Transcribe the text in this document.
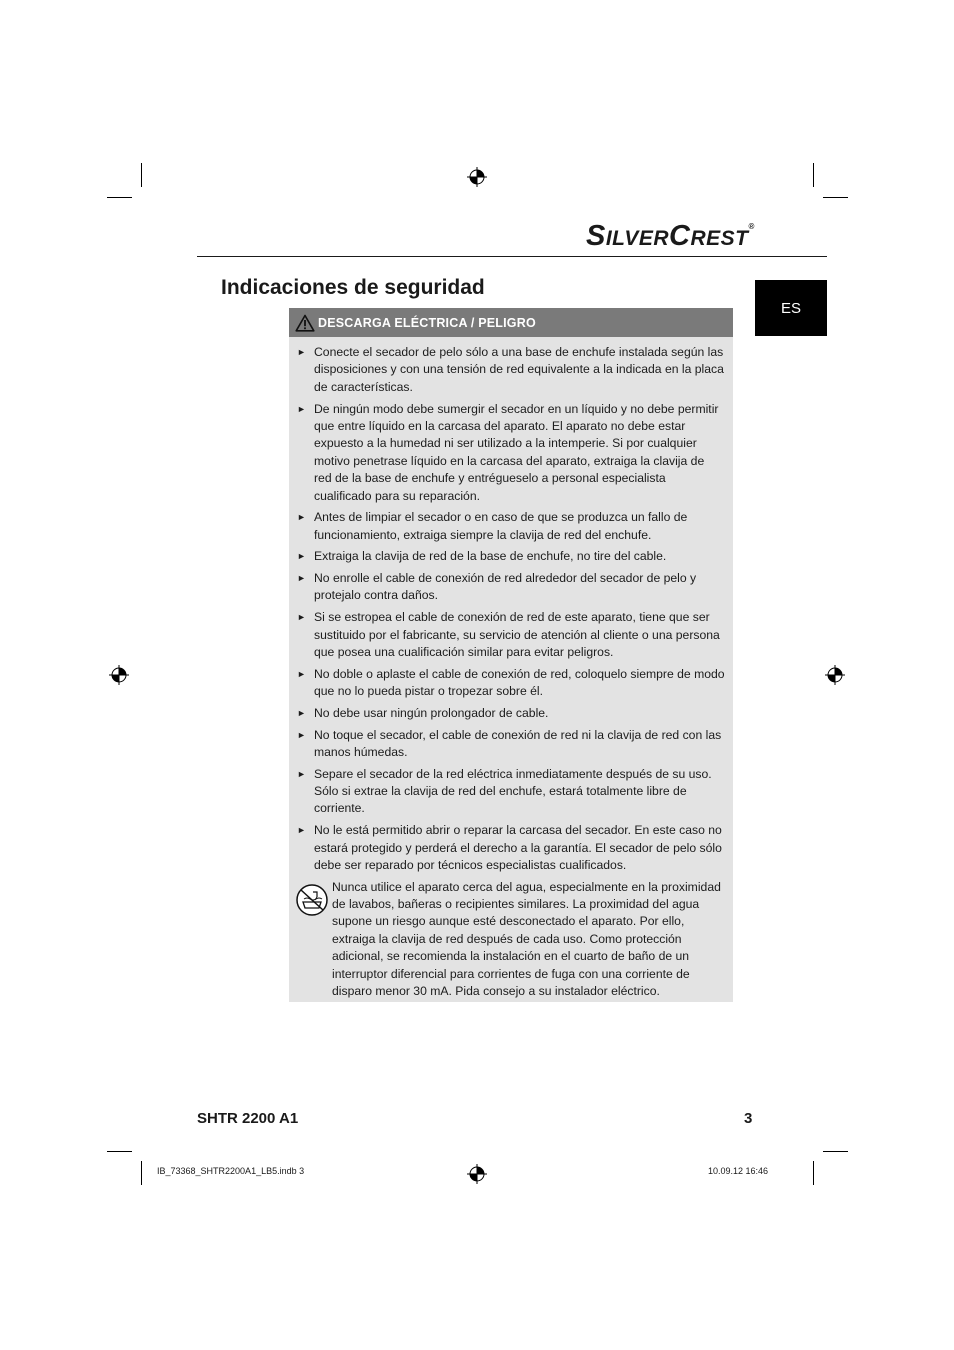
SILVERCREST®
Indicaciones de seguridad
ES
DESCARGA ELÉCTRICA / PELIGRO
► Conecte el secador de pelo sólo a una base de enchufe instalada según las disposiciones y con una tensión de red equivalente a la indicada en la placa de características.
► De ningún modo debe sumergir el secador en un líquido y no debe permitir que entre líquido en la carcasa del aparato. El aparato no debe estar expuesto a la humedad ni ser utilizado a la intemperie. Si por cualquier motivo penetrase líquido en la carcasa del aparato, extraiga la clavija de red de la base de enchufe y entrégueselo a personal especialista cualificado para su reparación.
► Antes de limpiar el secador o en caso de que se produzca un fallo de funcionamiento, extraiga siempre la clavija de red del enchufe.
► Extraiga la clavija de red de la base de enchufe, no tire del cable.
► No enrolle el cable de conexión de red alrededor del secador de pelo y protejalo contra daños.
► Si se estropea el cable de conexión de red de este aparato, tiene que ser sustituido por el fabricante, su servicio de atención al cliente o una persona que posea una cualificación similar para evitar peligros.
► No doble o aplaste el cable de conexión de red, coloquelo siempre de modo que no lo pueda pistar o tropezar sobre él.
► No debe usar ningún prolongador de cable.
► No toque el secador, el cable de conexión de red ni la clavija de red con las manos húmedas.
► Separe el secador de la red eléctrica inmediatamente después de su uso. Sólo si extrae la clavija de red del enchufe, estará totalmente libre de corriente.
► No le está permitido abrir o reparar la carcasa del secador. En este caso no estará protegido y perderá el derecho a la garantía. El secador de pelo sólo debe ser reparado por técnicos especialistas cualificados.
Nunca utilice el aparato cerca del agua, especialmente en la proximidad de lavabos, bañeras o recipientes similares. La proximidad del agua supone un riesgo aunque esté desconectado el aparato. Por ello, extraiga la clavija de red después de cada uso. Como protección adicional, se recomienda la instalación en el cuarto de baño de un interruptor diferencial para corrientes de fuga con una corriente de disparo menor 30 mA. Pida consejo a su instalador eléctrico.
SHTR 2200 A1	3
IB_73368_SHTR2200A1_LB5.indb 3	10.09.12 16:46
